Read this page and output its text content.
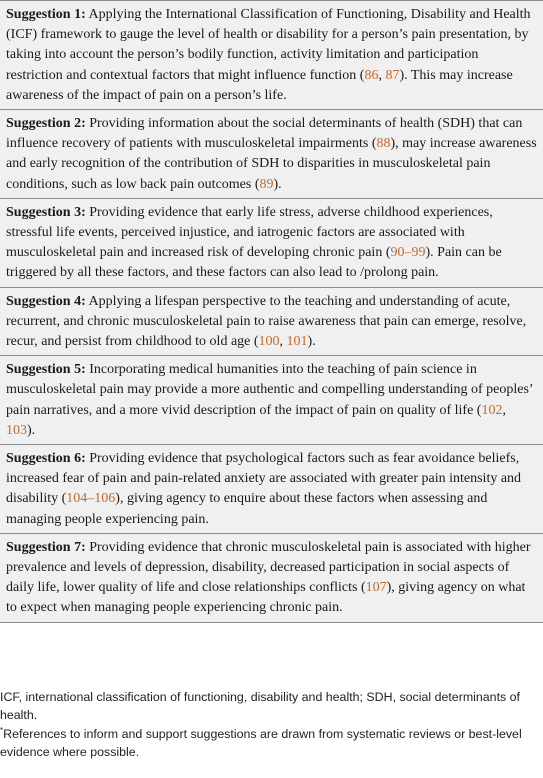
Suggestion 1: Applying the International Classification of Functioning, Disability and Health (ICF) framework to gauge the level of health or disability for a person’s pain presentation, by taking into account the person’s bodily function, activity limitation and participation restriction and contextual factors that might influence function (86, 87). This may increase awareness of the impact of pain on a person’s life.
Suggestion 2: Providing information about the social determinants of health (SDH) that can influence recovery of patients with musculoskeletal impairments (88), may increase awareness and early recognition of the contribution of SDH to disparities in musculoskeletal pain conditions, such as low back pain outcomes (89).
Suggestion 3: Providing evidence that early life stress, adverse childhood experiences, stressful life events, perceived injustice, and iatrogenic factors are associated with musculoskeletal pain and increased risk of developing chronic pain (90–99). Pain can be triggered by all these factors, and these factors can also lead to /prolong pain.
Suggestion 4: Applying a lifespan perspective to the teaching and understanding of acute, recurrent, and chronic musculoskeletal pain to raise awareness that pain can emerge, resolve, recur, and persist from childhood to old age (100, 101).
Suggestion 5: Incorporating medical humanities into the teaching of pain science in musculoskeletal pain may provide a more authentic and compelling understanding of peoples’ pain narratives, and a more vivid description of the impact of pain on quality of life (102, 103).
Suggestion 6: Providing evidence that psychological factors such as fear avoidance beliefs, increased fear of pain and pain-related anxiety are associated with greater pain intensity and disability (104–106), giving agency to enquire about these factors when assessing and managing people experiencing pain.
Suggestion 7: Providing evidence that chronic musculoskeletal pain is associated with higher prevalence and levels of depression, disability, decreased participation in social aspects of daily life, lower quality of life and close relationships conflicts (107), giving agency on what to expect when managing people experiencing chronic pain.

ICF, international classification of functioning, disability and health; SDH, social determinants of health.

*References to inform and support suggestions are drawn from systematic reviews or best-level evidence where possible.
